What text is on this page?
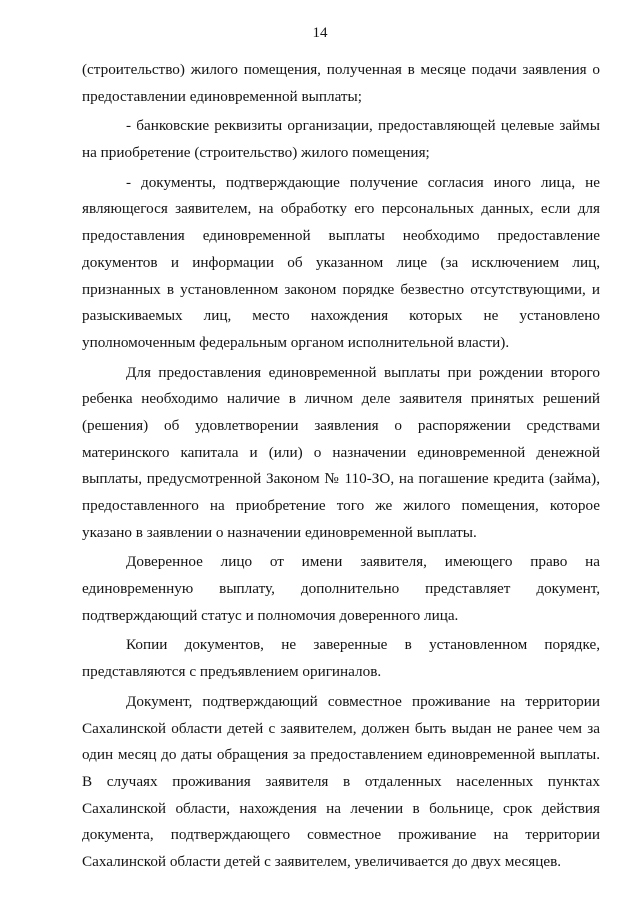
14
(строительство) жилого помещения, полученная в месяце подачи заявления о
предоставлении единовременной выплаты;
- банковские реквизиты организации, предоставляющей целевые займы
на приобретение (строительство) жилого помещения;
- документы, подтверждающие получение согласия иного лица, не
являющегося заявителем, на обработку его персональных данных, если для
предоставления единовременной выплаты необходимо предоставление
документов и информации об указанном лице (за исключением лиц,
признанных в установленном законом порядке безвестно отсутствующими, и
разыскиваемых лиц, место нахождения которых не установлено
уполномоченным федеральным органом исполнительной власти).
Для предоставления единовременной выплаты при рождении второго
ребенка необходимо наличие в личном деле заявителя принятых решений
(решения) об удовлетворении заявления о распоряжении средствами
материнского капитала и (или) о назначении единовременной денежной
выплаты, предусмотренной Законом № 110-ЗО, на погашение кредита (займа),
предоставленного на приобретение того же жилого помещения, которое
указано в заявлении о назначении единовременной выплаты.
Доверенное лицо от имени заявителя, имеющего право на
единовременную выплату, дополнительно представляет документ,
подтверждающий статус и полномочия доверенного лица.
Копии документов, не заверенные в установленном порядке,
представляются с предъявлением оригиналов.
Документ, подтверждающий совместное проживание на территории
Сахалинской области детей с заявителем, должен быть выдан не ранее чем за
один месяц до даты обращения за предоставлением единовременной выплаты.
В случаях проживания заявителя в отдаленных населенных пунктах
Сахалинской области, нахождения на лечении в больнице, срок действия
документа, подтверждающего совместное проживание на территории
Сахалинской области детей с заявителем, увеличивается до двух месяцев.
